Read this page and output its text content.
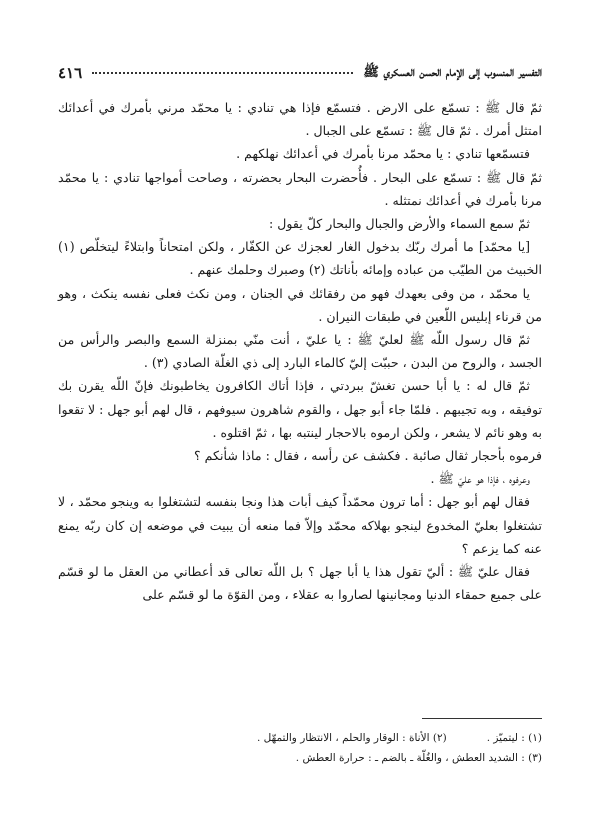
التفسير المنسوب إلى الإمام الحسن العسكري ﷺ
٤١٦

ثمّ قال ﷺ : تسمّع على الارض . فتسمّع فإذا هي تنادي : يا محمّد مرني بأمرك في أعدائك امتثل أمرك . ثمّ قال ﷺ : تسمّع على الجبال .

فتسمّعها تنادي : يا محمّد مرنا بأمرك في أعدائك نهلكهم .

ثمّ قال ﷺ : تسمّع على البحار . فأُحضرت البحار بحضرته ، وصاحت أمواجها تنادي : يا محمّد مرنا بأمرك في أعدائك نمتثله .

ثمّ سمع السماء والأرض والجبال والبحار كلّ يقول :

[يا محمّد] ما أمرك ربّك بدخول الغار لعجزك عن الكفّار ، ولكن امتحاناً وابتلاءً ليتخلّص (١) الخبيث من الطيّب من عباده وإمائه بأناتك (٢) وصبرك وحلمك عنهم .

يا محمّد ، من وفى بعهدك فهو من رفقائك في الجنان ، ومن نكث فعلى نفسه ينكث ، وهو من قرناء إبليس اللّعين في طبقات النيران .

ثمّ قال رسول اللّه ﷺ لعليّ ﷺ : يا عليّ ، أنت منّي بمنزلة السمع والبصر والرأس من الجسد ، والروح من البدن ، حببّت إليّ كالماء البارد إلى ذي الغلّة الصادي (٣) .

ثمّ قال له : يا أبا حسن تغشّ ببردتي ، فإذا أتاك الكافرون يخاطبونك فإنّ اللّه يقرن بك توفيقه ، وبه تجيبهم . فلمّا جاء أبو جهل ، والقوم شاهرون سيوفهم ، قال لهم أبو جهل : لا تقعوا به وهو نائم لا يشعر ، ولكن ارموه بالاحجار لينتبه بها ، ثمّ اقتلوه .

فرموه بأحجار ثقال صائبة . فكشف عن رأسه ، فقال : ماذا شأنكم ؟

وعرفوه ، فإذا هو عليّ ﷺ .

فقال لهم أبو جهل : أما ترون محمّداً كيف أبات هذا ونجا بنفسه لتشتغلوا به وينجو محمّد ، لا تشتغلوا بعليّ المخدوع لينجو بهلاكه محمّد وإلاّ فما منعه أن يبيت في موضعه إن كان ربّه يمنع عنه كما يزعم ؟

فقال عليّ ﷺ : أليّ تقول هذا يا أبا جهل ؟ بل اللّه تعالى قد أعطاني من العقل ما لو قسّم على جميع حمقاء الدنيا ومجانينها لصاروا به عقلاء ، ومن القوّة ما لو قسّم على

(١) : ليتميّز .
(٢) الأناة : الوقار والحلم ، الانتظار والتمهّل .
(٣) : الشديد العطش ، والغُلّة ـ بالضم ـ : حرارة العطش .
